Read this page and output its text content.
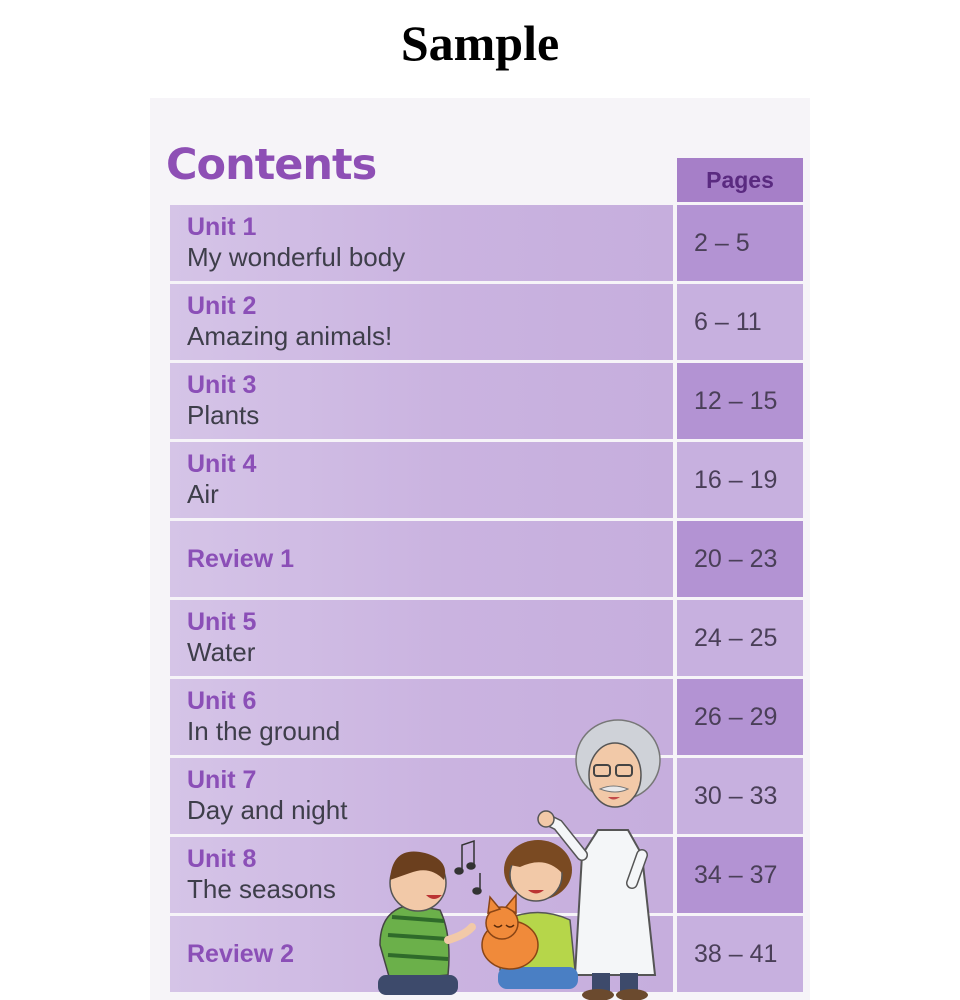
Sample
Contents	Pages
Unit 1
My wonderful body	2 – 5
Unit 2
Amazing animals!	6 – 11
Unit 3
Plants	12 – 15
Unit 4
Air	16 – 19
Review 1	20 – 23
Unit 5
Water	24 – 25
Unit 6
In the ground	26 – 29
Unit 7
Day and night	30 – 33
Unit 8
The seasons	34 – 37
Review 2	38 – 41
